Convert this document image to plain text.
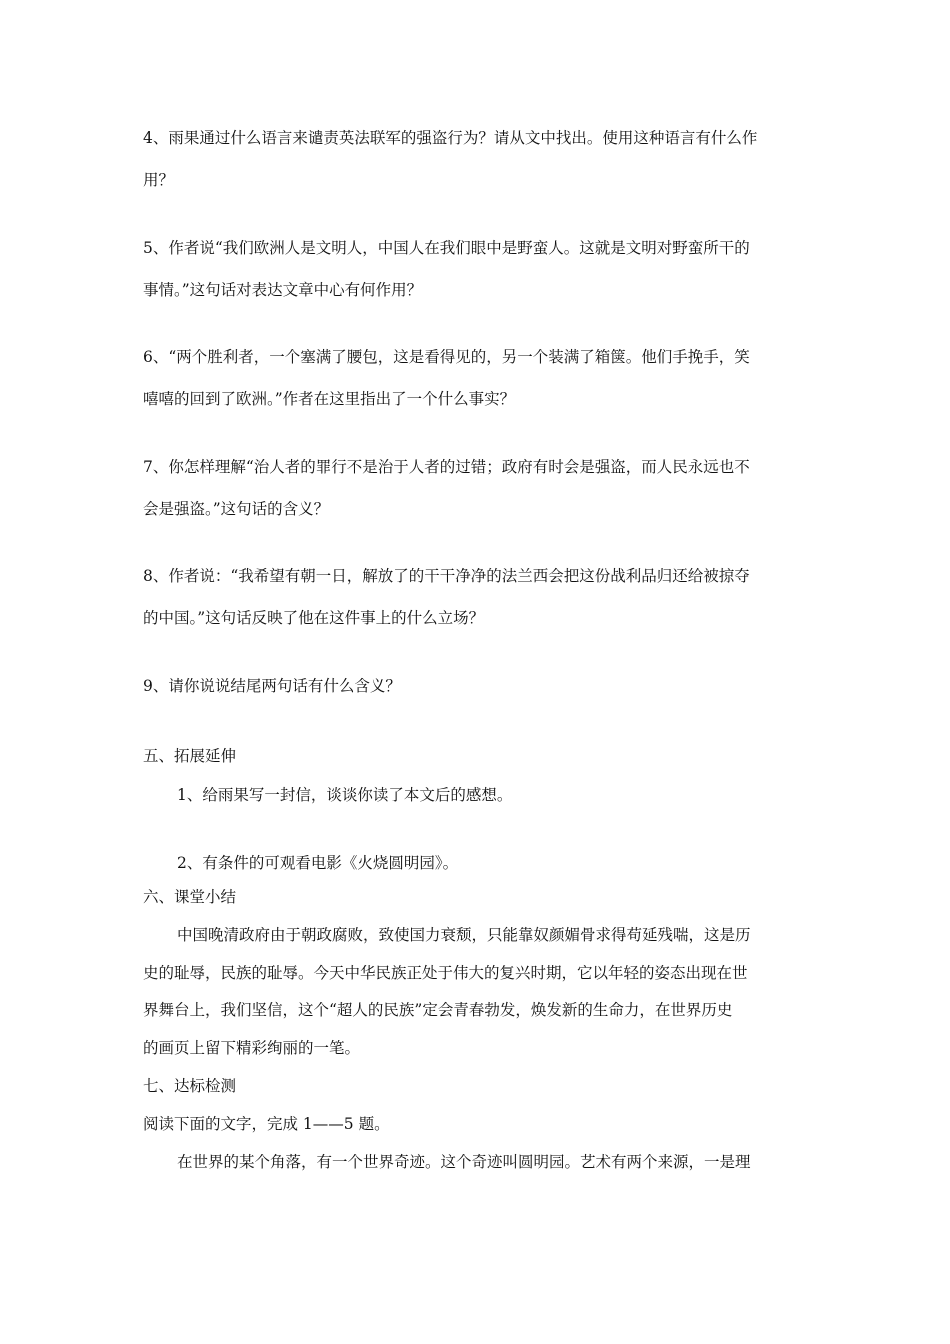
4、雨果通过什么语言来谴责英法联军的强盗行为？请从文中找出。使用这种语言有什么作
用？
5、作者说“我们欧洲人是文明人，中国人在我们眼中是野蛮人。这就是文明对野蛮所干的
事情。”这句话对表达文章中心有何作用？
6、“两个胜利者，一个塞满了腰包，这是看得见的，另一个装满了箱箧。他们手挽手，笑
嘻嘻的回到了欧洲。”作者在这里指出了一个什么事实？
7、你怎样理解“治人者的罪行不是治于人者的过错；政府有时会是强盗，而人民永远也不
会是强盗。”这句话的含义？
8、作者说：“我希望有朝一日，解放了的干干净净的法兰西会把这份战利品归还给被掠夺
的中国。”这句话反映了他在这件事上的什么立场？
9、请你说说结尾两句话有什么含义？
五、拓展延伸
1、给雨果写一封信，谈谈你读了本文后的感想。
2、有条件的可观看电影《火烧圆明园》。
六、课堂小结
中国晚清政府由于朝政腐败，致使国力衰颓，只能靠奴颜媚骨求得苟延残喘，这是历
史的耻辱，民族的耻辱。今天中华民族正处于伟大的复兴时期，它以年轻的姿态出现在世
界舞台上，我们坚信，这个“超人的民族”定会青春勃发，焕发新的生命力，在世界历史
的画页上留下精彩绚丽的一笔。
七、达标检测
阅读下面的文字，完成 1——5 题。
在世界的某个角落，有一个世界奇迹。这个奇迹叫圆明园。艺术有两个来源，一是理
